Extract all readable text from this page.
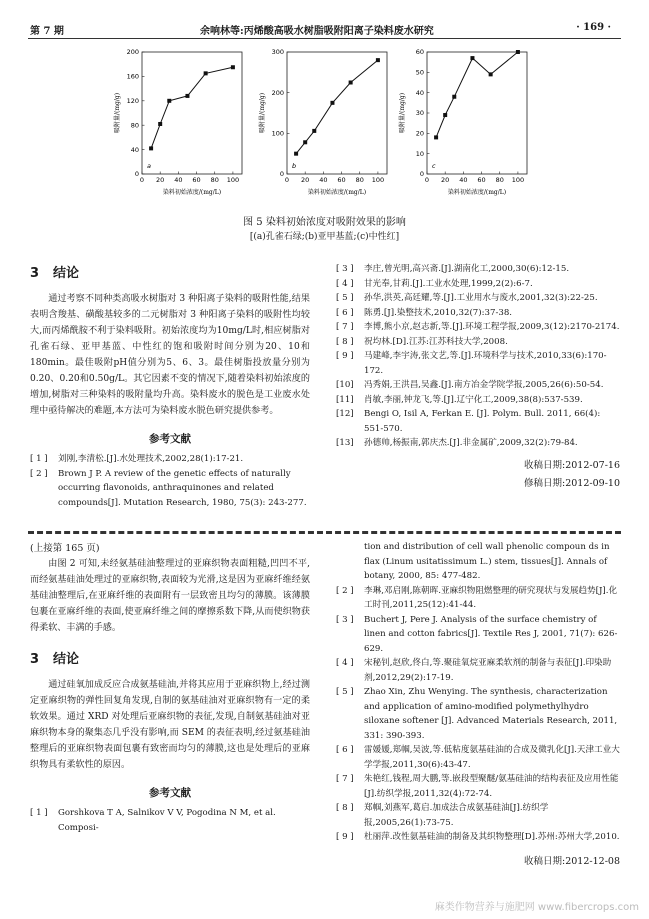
第 7 期	余响林等:丙烯酸高吸水树脂吸附阳离子染料废水研究	· 169 ·
0 20 40 60 80 100
0
40
80
120
160
200
a
染料初始浓度/(mg/L)
吸附量/(mg/g)
0 20 40 60 80 100
0
100
200
300
b
染料初始浓度/(mg/L)
吸附量/(mg/g)
0 20 40 60 80 100
0
10
20
30
40
50
60
c
染料初始浓度/(mg/L)
吸附量/(mg/g)
图 5 染料初始浓度对吸附效果的影响
[(a)孔雀石绿;(b)亚甲基蓝;(c)中性红]
3 结论
通过考察不同种类高吸水树脂对 3 种阳离子染料的吸附性能,结果表明含羧基、磺酸基较多的二元树脂对 3 种阳离子染料的吸附性均较大,而丙烯酰胺不利于染料吸附。初始浓度均为10mg/L时,相应树脂对孔雀石绿、亚甲基蓝、中性红的饱和吸附时间分别为20、10和180min。最佳吸附pH值分别为5、6、3。最佳树脂投放量分别为0.20、0.20和0.50g/L。其它因素不变的情况下,随着染料初始浓度的增加,树脂对三种染料的吸附量均升高。染料废水的脱色是工业废水处理中亟待解决的难题,本方法可为染料废水脱色研究提供参考。
参考文献
[ 1 ]	刘刚,李清松.[J].水处理技术,2002,28(1):17-21.
[ 2 ]	Brown J P. A review of the genetic effects of naturally occurring flavonoids, anthraquinones and related compounds[J]. Mutation Research, 1980, 75(3): 243-277.
[ 3 ]	李庄,曾光明,高兴斋.[J].湖南化工,2000,30(6):12-15.
[ 4 ]	甘光奉,甘莉.[J].工业水处理,1999,2(2):6-7.
[ 5 ]	孙华,洪英,高廷耀,等.[J].工业用水与废水,2001,32(3):22-25.
[ 6 ]	陈勇.[J].染整技术,2010,32(7):37-38.
[ 7 ]	李博,熊小京,赵志新,等.[J].环境工程学报,2009,3(12):2170-2174.
[ 8 ]	祝均林.[D].江苏:江苏科技大学,2008.
[ 9 ]	马建峰,李宇涛,张文艺,等.[J].环境科学与技术,2010,33(6):170-172.
[10]	冯秀娟,王洪昌,吴鑫.[J].南方冶金学院学报,2005,26(6):50-54.
[11]	肖敏,李丽,钟龙飞,等.[J].辽宁化工,2009,38(8):537-539.
[12]	Bengi O, Isil A, Ferkan E. [J]. Polym. Bull. 2011, 66(4): 551-570.
[13]	孙德帅,杨振南,郭庆杰.[J].非金属矿,2009,32(2):79-84.
收稿日期:2012-07-16
修稿日期:2012-09-10
(上接第 165 页)
由图 2 可知,未经氨基硅油整理过的亚麻织物表面粗糙,凹凹不平,而经氨基硅油处理过的亚麻织物,表面较为光滑,这是因为亚麻纤维经氨基硅油整理后,在亚麻纤维的表面附有一层致密且均匀的薄膜。该薄膜包裹在亚麻纤维的表面,使亚麻纤维之间的摩擦系数下降,从而使织物获得柔软、丰满的手感。
3 结论
通过硅氧加成反应合成氨基硅油,并将其应用于亚麻织物上,经过测定亚麻织物的弹性回复角发现,自制的氨基硅油对亚麻织物有一定的柔软效果。通过 XRD 对处理后亚麻织物的表征,发现,自制氨基硅油对亚麻织物本身的聚集态几乎没有影响,而 SEM 的表征表明,经过氨基硅油整理后的亚麻织物表面包裹有致密而均匀的薄膜,这也是处理后的亚麻织物具有柔软性的原因。
参考文献
[ 1 ]	Gorshkova T A, Salnikov V V, Pogodina N M, et al. Composi-
tion and distribution of cell wall phenolic compoun ds in flax (Linum usitatissimum L.) stem, tissues[J]. Annals of botany, 2000, 85: 477-482.
[ 2 ]	李琳,邓启刚,陈朝晖.亚麻织物阻燃整理的研究现状与发展趋势[J].化工时刊,2011,25(12):41-44.
[ 3 ]	Buchert J, Pere J. Analysis of the surface chemistry of linen and cotton fabrics[J]. Textile Res J, 2001, 71(7): 626-629.
[ 4 ]	宋秘钊,赵欣,佟白,等.聚硅氧烷亚麻柔软剂的制备与表征[J].印染助剂,2012,29(2):17-19.
[ 5 ]	Zhao Xin, Zhu Wenying. The synthesis, characterization and application of amino-modified polymethylhydro siloxane softener [J]. Advanced Materials Research, 2011, 331: 390-393.
[ 6 ]	雷媛媛,郑帼,吴波,等.低粘度氨基硅油的合成及微乳化[J].天津工业大学学报,2011,30(6):43-47.
[ 7 ]	朱艳红,钱程,周大鹏,等.嵌段型聚醚/氨基硅油的结构表征及应用性能[J].纺织学报,2011,32(4):72-74.
[ 8 ]	郑帼,刘燕军,葛启.加成法合成氨基硅油[J].纺织学报,2005,26(1):73-75.
[ 9 ]	杜丽萍.改性氨基硅油的制备及其织物整理[D].苏州:苏州大学,2010.
收稿日期:2012-12-08
麻类作物营养与施肥网 www.fibercrops.com
